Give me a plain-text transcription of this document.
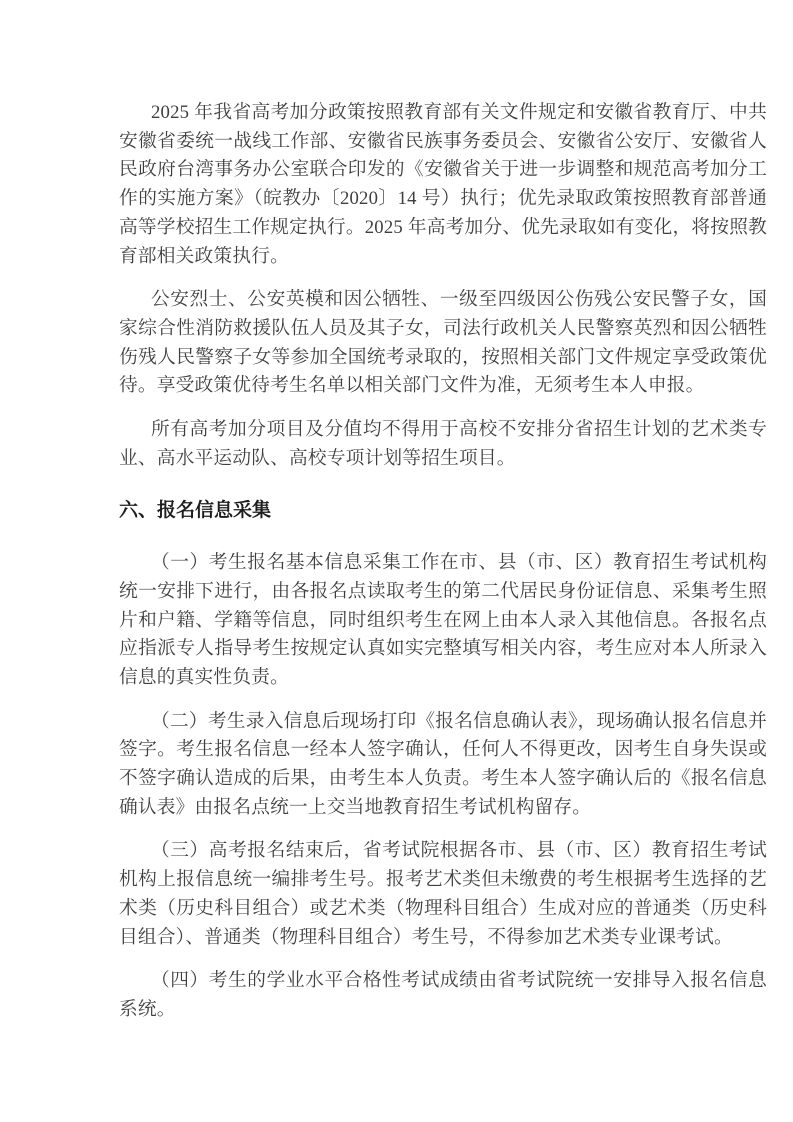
2025 年我省高考加分政策按照教育部有关文件规定和安徽省教育厅、中共安徽省委统一战线工作部、安徽省民族事务委员会、安徽省公安厅、安徽省人民政府台湾事务办公室联合印发的《安徽省关于进一步调整和规范高考加分工作的实施方案》（皖教办〔2020〕14 号）执行；优先录取政策按照教育部普通高等学校招生工作规定执行。2025 年高考加分、优先录取如有变化，将按照教育部相关政策执行。

公安烈士、公安英模和因公牺牲、一级至四级因公伤残公安民警子女，国家综合性消防救援队伍人员及其子女，司法行政机关人民警察英烈和因公牺牲伤残人民警察子女等参加全国统考录取的，按照相关部门文件规定享受政策优待。享受政策优待考生名单以相关部门文件为准，无须考生本人申报。

所有高考加分项目及分值均不得用于高校不安排分省招生计划的艺术类专业、高水平运动队、高校专项计划等招生项目。

六、报名信息采集

（一）考生报名基本信息采集工作在市、县（市、区）教育招生考试机构统一安排下进行，由各报名点读取考生的第二代居民身份证信息、采集考生照片和户籍、学籍等信息，同时组织考生在网上由本人录入其他信息。各报名点应指派专人指导考生按规定认真如实完整填写相关内容，考生应对本人所录入信息的真实性负责。

（二）考生录入信息后现场打印《报名信息确认表》，现场确认报名信息并签字。考生报名信息一经本人签字确认，任何人不得更改，因考生自身失误或不签字确认造成的后果，由考生本人负责。考生本人签字确认后的《报名信息确认表》由报名点统一上交当地教育招生考试机构留存。

（三）高考报名结束后，省考试院根据各市、县（市、区）教育招生考试机构上报信息统一编排考生号。报考艺术类但未缴费的考生根据考生选择的艺术类（历史科目组合）或艺术类（物理科目组合）生成对应的普通类（历史科目组合）、普通类（物理科目组合）考生号，不得参加艺术类专业课考试。

（四）考生的学业水平合格性考试成绩由省考试院统一安排导入报名信息系统。
